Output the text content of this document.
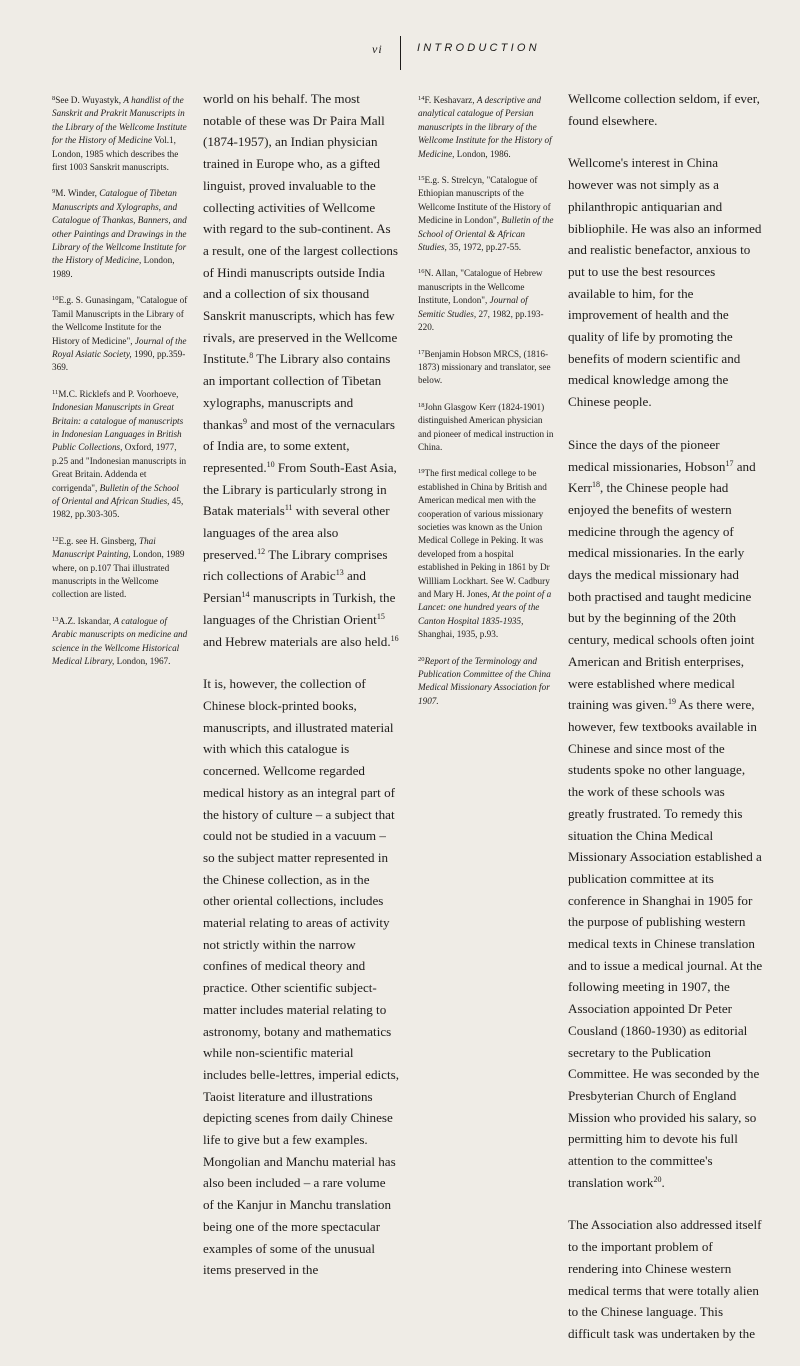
vi	INTRODUCTION

$^8$See D. Wuyastyk, A handlist of the Sanskrit and Prakrit Manuscripts in the Library of the Wellcome Institute for the History of Medicine Vol.1, London, 1985 which describes the first 1003 Sanskrit manuscripts.

$^9$M. Winder, Catalogue of Tibetan Manuscripts and Xylographs, and Catalogue of Thankas, Banners, and other Paintings and Drawings in the Library of the Wellcome Institute for the History of Medicine, London, 1989.

$^{10}$E.g. S. Gunasingam, "Catalogue of Tamil Manuscripts in the Library of the Wellcome Institute for the History of Medicine", Journal of the Royal Asiatic Society, 1990, pp.359-369.

$^{11}$M.C. Ricklefs and P. Voorhoeve, Indonesian Manuscripts in Great Britain: a catalogue of manuscripts in Indonesian Languages in British Public Collections, Oxford, 1977, p.25 and "Indonesian manuscripts in Great Britain. Addenda et corrigenda", Bulletin of the School of Oriental and African Studies, 45, 1982, pp.303-305.

$^{12}$E.g. see H. Ginsberg, Thai Manuscript Painting, London, 1989 where, on p.107 Thai illustrated manuscripts in the Wellcome collection are listed.

$^{13}$A.Z. Iskandar, A catalogue of Arabic manuscripts on medicine and science in the Wellcome Historical Medical Library, London, 1967.

world on his behalf. The most notable of these was Dr Paira Mall (1874-1957), an Indian physician trained in Europe who, as a gifted linguist, proved invaluable to the collecting activities of Wellcome with regard to the sub-continent. As a result, one of the largest collections of Hindi manuscripts outside India and a collection of six thousand Sanskrit manuscripts, which has few rivals, are preserved in the Wellcome Institute.$^8$ The Library also contains an important collection of Tibetan xylographs, manuscripts and thankas$^9$ and most of the vernaculars of India are, to some extent, represented.$^{10}$ From South-East Asia, the Library is particularly strong in Batak materials$^{11}$ with several other languages of the area also preserved.$^{12}$ The Library comprises rich collections of Arabic$^{13}$ and Persian$^{14}$ manuscripts in Turkish, the languages of the Christian Orient$^{15}$ and Hebrew materials are also held.$^{16}$

It is, however, the collection of Chinese block-printed books, manuscripts, and illustrated material with which this catalogue is concerned. Wellcome regarded medical history as an integral part of the history of culture – a subject that could not be studied in a vacuum – so the subject matter represented in the Chinese collection, as in the other oriental collections, includes material relating to areas of activity not strictly within the narrow confines of medical theory and practice. Other scientific subject-matter includes material relating to astronomy, botany and mathematics while non-scientific material includes belle-lettres, imperial edicts, Taoist literature and illustrations depicting scenes from daily Chinese life to give but a few examples. Mongolian and Manchu material has also been included – a rare volume of the Kanjur in Manchu translation being one of the more spectacular examples of some of the unusual items preserved in the

$^{14}$F. Keshavarz, A descriptive and analytical catalogue of Persian manuscripts in the library of the Wellcome Institute for the History of Medicine, London, 1986.

$^{15}$E.g. S. Strelcyn, "Catalogue of Ethiopian manuscripts of the Wellcome Institute of the History of Medicine in London", Bulletin of the School of Oriental & African Studies, 35, 1972, pp.27-55.

$^{16}$N. Allan, "Catalogue of Hebrew manuscripts in the Wellcome Institute, London", Journal of Semitic Studies, 27, 1982, pp.193-220.

$^{17}$Benjamin Hobson MRCS, (1816-1873) missionary and translator, see below.

$^{18}$John Glasgow Kerr (1824-1901) distinguished American physician and pioneer of medical instruction in China.

$^{19}$The first medical college to be established in China by British and American medical men with the cooperation of various missionary societies was known as the Union Medical College in Peking. It was developed from a hospital established in Peking in 1861 by Dr Willliam Lockhart. See W. Cadbury and Mary H. Jones, At the point of a Lancet: one hundred years of the Canton Hospital 1835-1935, Shanghai, 1935, p.93.

$^{20}$Report of the Terminology and Publication Committee of the China Medical Missionary Association for 1907.

Wellcome collection seldom, if ever, found elsewhere.

Wellcome's interest in China however was not simply as a philanthropic antiquarian and bibliophile. He was also an informed and realistic benefactor, anxious to put to use the best resources available to him, for the improvement of health and the quality of life by promoting the benefits of modern scientific and medical knowledge among the Chinese people.

Since the days of the pioneer medical missionaries, Hobson$^{17}$ and Kerr$^{18}$, the Chinese people had enjoyed the benefits of western medicine through the agency of medical missionaries. In the early days the medical missionary had both practised and taught medicine but by the beginning of the 20th century, medical schools often joint American and British enterprises, were established where medical training was given.$^{19}$ As there were, however, few textbooks available in Chinese and since most of the students spoke no other language, the work of these schools was greatly frustrated. To remedy this situation the China Medical Missionary Association established a publication committee at its conference in Shanghai in 1905 for the purpose of publishing western medical texts in Chinese translation and to issue a medical journal. At the following meeting in 1907, the Association appointed Dr Peter Cousland (1860-1930) as editorial secretary to the Publication Committee. He was seconded by the Presbyterian Church of England Mission who provided his salary, so permitting him to devote his full attention to the committee's translation work$^{20}$.

The Association also addressed itself to the important problem of rendering into Chinese western medical terms that were totally alien to the Chinese language. This difficult task was undertaken by the
